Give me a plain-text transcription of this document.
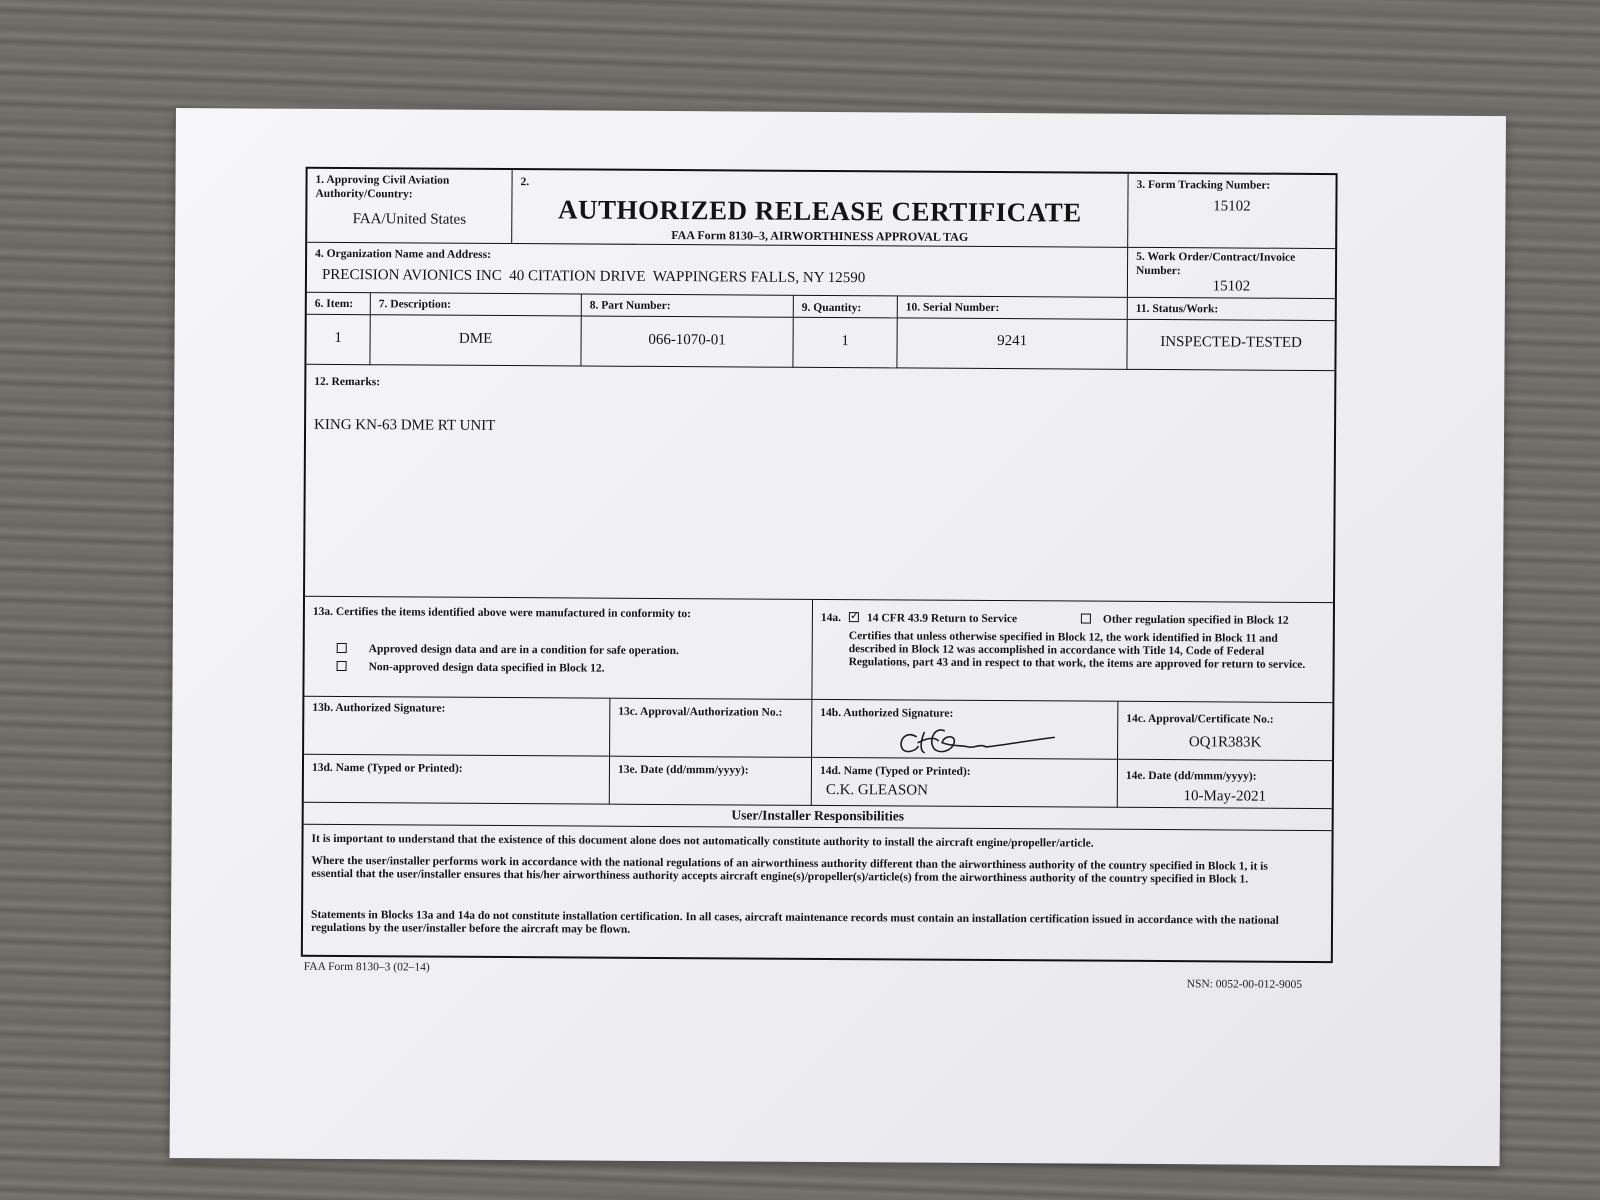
1. Approving Civil Aviation Authority/Country:
FAA/United States
2.
AUTHORIZED RELEASE CERTIFICATE
FAA Form 8130–3, AIRWORTHINESS APPROVAL TAG
3. Form Tracking Number:
15102
4. Organization Name and Address:
PRECISION AVIONICS INC  40 CITATION DRIVE  WAPPINGERS FALLS, NY 12590
5. Work Order/Contract/Invoice Number:
15102
6. Item: 7. Description:	8. Part Number:	9. Quantity:	10. Serial Number:	11. Status/Work:
1	DME	066-1070-01	1	9241	INSPECTED-TESTED
12. Remarks:
KING KN-63 DME RT UNIT
13a. Certifies the items identified above were manufactured in conformity to:
Approved design data and are in a condition for safe operation.
Non-approved design data specified in Block 12.
14a. ✓ 14 CFR 43.9 Return to Service	Other regulation specified in Block 12
Certifies that unless otherwise specified in Block 12, the work identified in Block 11 and described in Block 12 was accomplished in accordance with Title 14, Code of Federal Regulations, part 43 and in respect to that work, the items are approved for return to service.
13b. Authorized Signature:	13c. Approval/Authorization No.:	14b. Authorized Signature:	14c. Approval/Certificate No.:
OQ1R383K
13d. Name (Typed or Printed):	13e. Date (dd/mmm/yyyy):	14d. Name (Typed or Printed):
C.K. GLEASON
14e. Date (dd/mmm/yyyy):
10-May-2021
User/Installer Responsibilities
It is important to understand that the existence of this document alone does not automatically constitute authority to install the aircraft engine/propeller/article.
Where the user/installer performs work in accordance with the national regulations of an airworthiness authority different than the airworthiness authority of the country specified in Block 1, it is essential that the user/installer ensures that his/her airworthiness authority accepts aircraft engine(s)/propeller(s)/article(s) from the airworthiness authority of the country specified in Block 1.
Statements in Blocks 13a and 14a do not constitute installation certification. In all cases, aircraft maintenance records must contain an installation certification issued in accordance with the national regulations by the user/installer before the aircraft may be flown.
FAA Form 8130–3 (02–14)
NSN: 0052-00-012-9005
